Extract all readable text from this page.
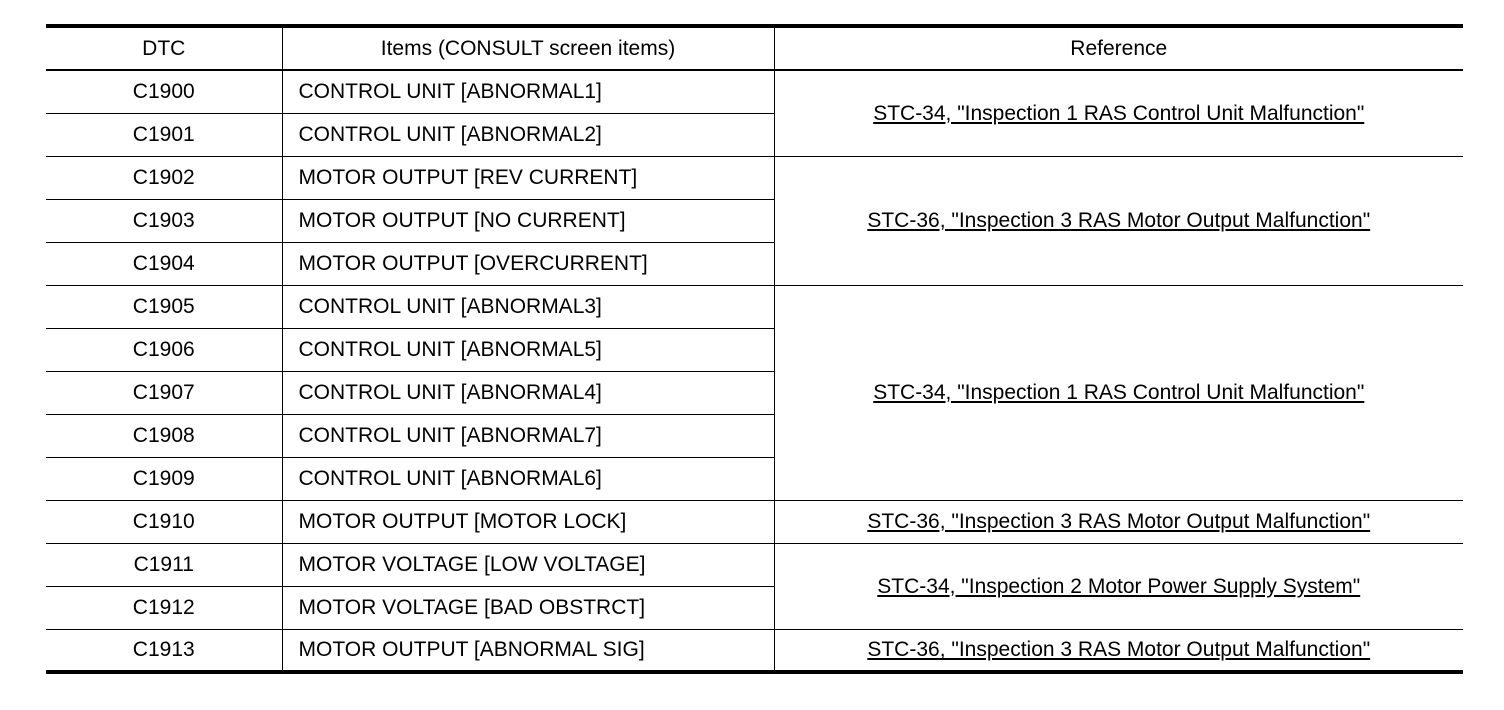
DTC	Items (CONSULT screen items)	Reference
C1900	CONTROL UNIT [ABNORMAL1]	STC-34, "Inspection 1 RAS Control Unit Malfunction"
C1901	CONTROL UNIT [ABNORMAL2]	
C1902	MOTOR OUTPUT [REV CURRENT]	STC-36, "Inspection 3 RAS Motor Output Malfunction"
C1903	MOTOR OUTPUT [NO CURRENT]	
C1904	MOTOR OUTPUT [OVERCURRENT]	
C1905	CONTROL UNIT [ABNORMAL3]	STC-34, "Inspection 1 RAS Control Unit Malfunction"
C1906	CONTROL UNIT [ABNORMAL5]	
C1907	CONTROL UNIT [ABNORMAL4]	
C1908	CONTROL UNIT [ABNORMAL7]	
C1909	CONTROL UNIT [ABNORMAL6]	
C1910	MOTOR OUTPUT [MOTOR LOCK]	STC-36, "Inspection 3 RAS Motor Output Malfunction"
C1911	MOTOR VOLTAGE [LOW VOLTAGE]	STC-34, "Inspection 2 Motor Power Supply System"
C1912	MOTOR VOLTAGE [BAD OBSTRCT]	
C1913	MOTOR OUTPUT [ABNORMAL SIG]	STC-36, "Inspection 3 RAS Motor Output Malfunction"
